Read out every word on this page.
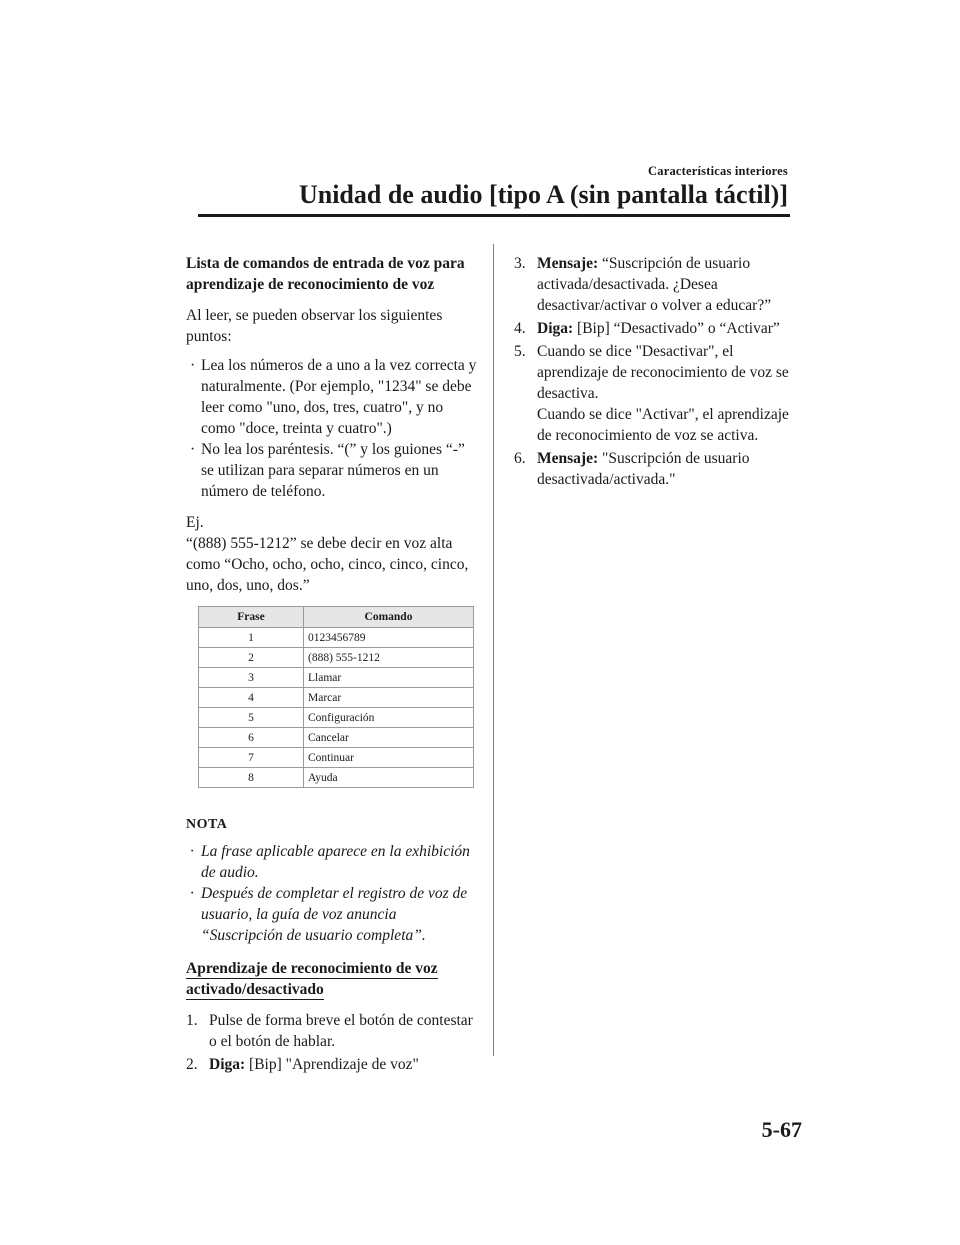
Características interiores
Unidad de audio [tipo A (sin pantalla táctil)]
Lista de comandos de entrada de voz para aprendizaje de reconocimiento de voz
Al leer, se pueden observar los siguientes puntos:
· Lea los números de a uno a la vez correcta y naturalmente. (Por ejemplo, "1234" se debe leer como "uno, dos, tres, cuatro", y no como "doce, treinta y cuatro".)
· No lea los paréntesis. “(” y los guiones “-” se utilizan para separar números en un número de teléfono.
Ej.
“(888) 555-1212” se debe decir en voz alta como “Ocho, ocho, ocho, cinco, cinco, cinco, uno, dos, uno, dos.”
Frase	Comando
1	0123456789
2	(888) 555-1212
3	Llamar
4	Marcar
5	Configuración
6	Cancelar
7	Continuar
8	Ayuda
NOTA
· La frase aplicable aparece en la exhibición de audio.
· Después de completar el registro de voz de usuario, la guía de voz anuncia “Suscripción de usuario completa”.
Aprendizaje de reconocimiento de voz activado/desactivado
1. Pulse de forma breve el botón de contestar o el botón de hablar.
2. Diga: [Bip] "Aprendizaje de voz"
3. Mensaje: “Suscripción de usuario activada/desactivada. ¿Desea desactivar/activar o volver a educar?”
4. Diga: [Bip] “Desactivado” o “Activar”
5. Cuando se dice "Desactivar", el aprendizaje de reconocimiento de voz se desactiva.
Cuando se dice "Activar", el aprendizaje de reconocimiento de voz se activa.
6. Mensaje: "Suscripción de usuario desactivada/activada."
5-67
